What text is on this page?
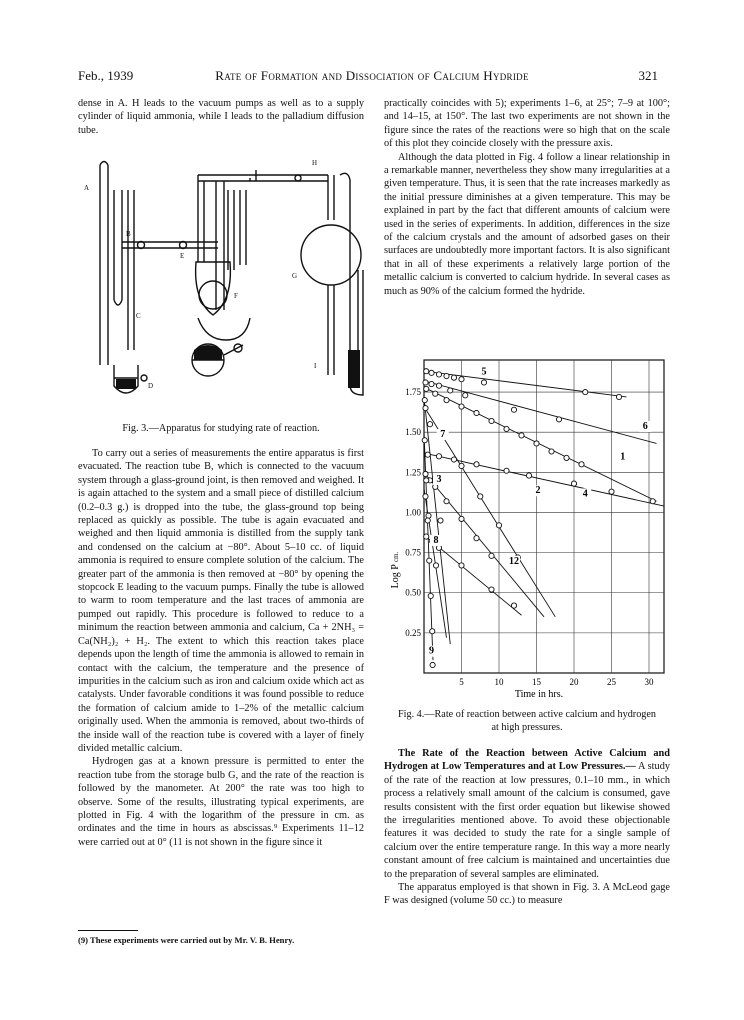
Feb., 1939	Rate of Formation and Dissociation of Calcium Hydride	321

dense in A. H leads to the vacuum pumps as well as to a supply cylinder of liquid ammonia, while I leads to the palladium diffusion tube.

A
B
C
D
E
F
G
H
I
Fig. 3.—Apparatus for studying rate of reaction.

To carry out a series of measurements the entire apparatus is first evacuated. The reaction tube B, which is connected to the vacuum system through a glass-ground joint, is then removed and weighed. It is again attached to the system and a small piece of distilled calcium (0.2–0.3 g.) is dropped into the tube, the glass-ground top being replaced as quickly as possible. The tube is again evacuated and weighed and then liquid ammonia is distilled from the supply tank and condensed on the calcium at −80°. About 5–10 cc. of liquid ammonia is required to ensure complete solution of the calcium. The greater part of the ammonia is then removed at −80° by opening the stopcock E leading to the vacuum pumps. Finally the tube is allowed to warm to room temperature and the last traces of ammonia are pumped out rapidly. This procedure is followed to reduce to a minimum the reaction between ammonia and calcium, Ca + 2NH₃ = Ca(NH₂)₂ + H₂. The extent to which this reaction takes place depends upon the length of time the ammonia is allowed to remain in contact with the calcium, the temperature and the presence of impurities in the calcium such as iron and calcium oxide which act as catalysts. Under favorable conditions it was found possible to reduce the formation of calcium amide to 1–2% of the metallic calcium originally used. When the ammonia is removed, about two-thirds of the inside wall of the reaction tube is covered with a layer of finely divided metallic calcium.

Hydrogen gas at a known pressure is permitted to enter the reaction tube from the storage bulb G, and the rate of the reaction is followed by the manometer. At 200° the rate was too high to observe. Some of the results, illustrating typical experiments, are plotted in Fig. 4 with the logarithm of the pressure in cm. as ordinates and the time in hours as abscissas.⁹ Experiments 11–12 were carried out at 0° (11 is not shown in the figure since it

(9) These experiments were carried out by Mr. V. B. Henry.

practically coincides with 5); experiments 1–6, at 25°; 7–9 at 100°; and 14–15, at 150°. The last two experiments are not shown in the figure since the rates of the reactions were so high that on the scale of this plot they coincide closely with the pressure axis.

Although the data plotted in Fig. 4 follow a linear relationship in a remarkable manner, nevertheless they show many irregularities at a given temperature. Thus, it is seen that the rate increases markedly as the initial pressure diminishes at a given temperature. This may be explained in part by the fact that different amounts of calcium were used in the series of experiments. In addition, differences in the size of the calcium crystals and the amount of adsorbed gases on their surfaces are undoubtedly more important factors. It is also significant that in all of these experiments a relatively large portion of the metallic calcium is converted to calcium hydride. In several cases as much as 90% of the calcium formed the hydride.

5
6
1
7
2	4
3
8
12
9
0.25
0.50
0.75
1.00
1.25
1.50
1.75
5	10	15	20	25	30
Log P cm.
Time in hrs.
Fig. 4.—Rate of reaction between active calcium and hydrogen at high pressures.

The Rate of the Reaction between Active Calcium and Hydrogen at Low Temperatures and at Low Pressures.— A study of the rate of the reaction at low pressures, 0.1–10 mm., in which process a relatively small amount of the calcium is consumed, gave results consistent with the first order equation but likewise showed the irregularities mentioned above. To avoid these objectionable features it was decided to study the rate for a single sample of calcium over the entire temperature range. In this way a more nearly constant amount of free calcium is maintained and uncertainties due to the preparation of several samples are eliminated.

The apparatus employed is that shown in Fig. 3. A McLeod gage F was designed (volume 50 cc.) to measure
